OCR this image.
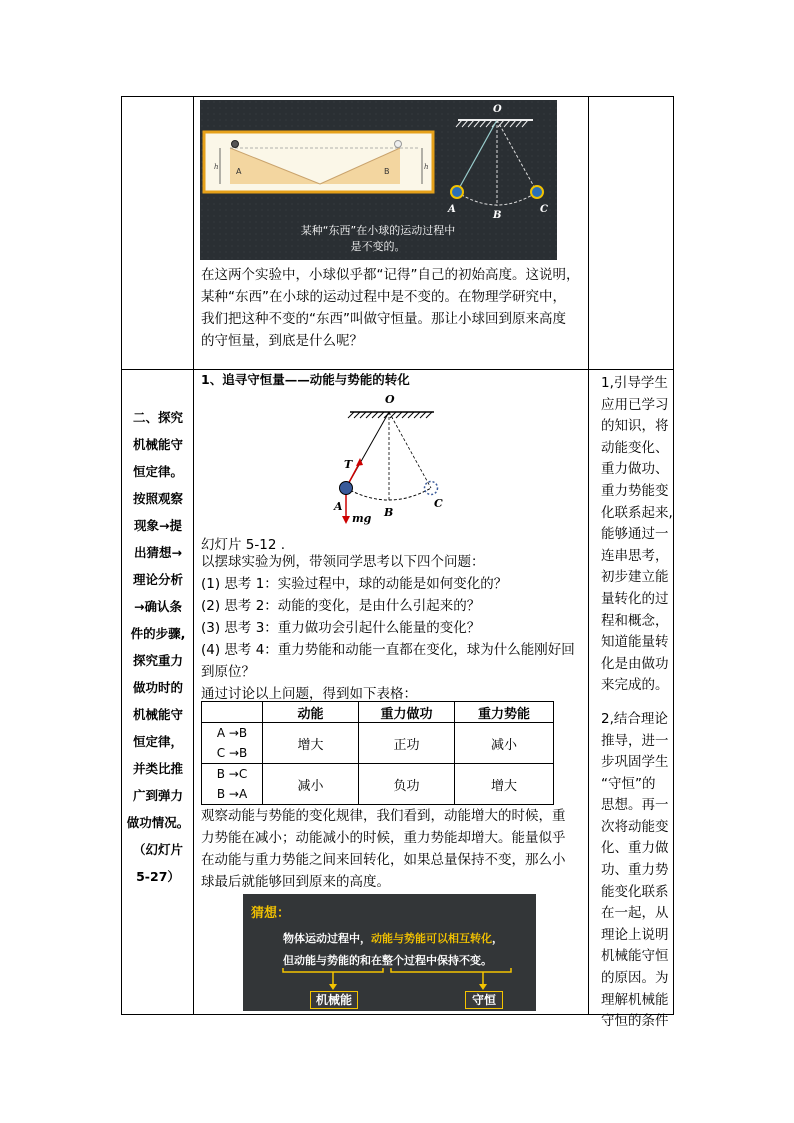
二、探究
机械能守
恒定律。
按照观察
现象→提
出猜想→
理论分析
→确认条
件的步骤,
探究重力
做功时的
机械能守
恒定律，
并类比推
广到弹力
做功情况。
（幻灯片
5-27）
1,引导学生
应用已学习
的知识，将
动能变化、
重力做功、
重力势能变
化联系起来,
能够通过一
连串思考，
初步建立能
量转化的过
程和概念，
知道能量转
化是由做功
来完成的。
2,结合理论
推导，进一
步巩固学生
“守恒”的
思想。再一
次将动能变
化、重力做
功、重力势
能变化联系
在一起，从
理论上说明
机械能守恒
的原因。为
理解机械能
守恒的条件
h	h
A	B
O
A
B
C
某种“东西”在小球的运动过程中
是不变的。
在这两个实验中，小球似乎都“记得”自己的初始高度。这说明，
某种“东西”在小球的运动过程中是不变的。在物理学研究中，
我们把这种不变的“东西”叫做守恒量。那让小球回到原来高度
的守恒量，到底是什么呢？
1、追寻守恒量——动能与势能的转化
O
T
A	B
C
mg
幻灯片 5-12 .
以摆球实验为例，带领同学思考以下四个问题：
(1) 思考 1：实验过程中，球的动能是如何变化的？
(2) 思考 2：动能的变化，是由什么引起来的？
(3) 思考 3：重力做功会引起什么能量的变化？
(4) 思考 4：重力势能和动能一直都在变化，球为什么能刚好回
到原位？
通过讨论以上问题，得到如下表格：
	动能	重力做功	重力势能

A →B
C →B	增大	正功	减小

B →C
B →A	减小	负功	增大
观察动能与势能的变化规律，我们看到，动能增大的时候，重
力势能在减小；动能减小的时候，重力势能却增大。能量似乎
在动能与重力势能之间来回转化，如果总量保持不变，那么小
球最后就能够回到原来的高度。
猜想：
物体运动过程中，动能与势能可以相互转化，
但动能与势能的和在整个过程中保持不变。
机械能	守恒
